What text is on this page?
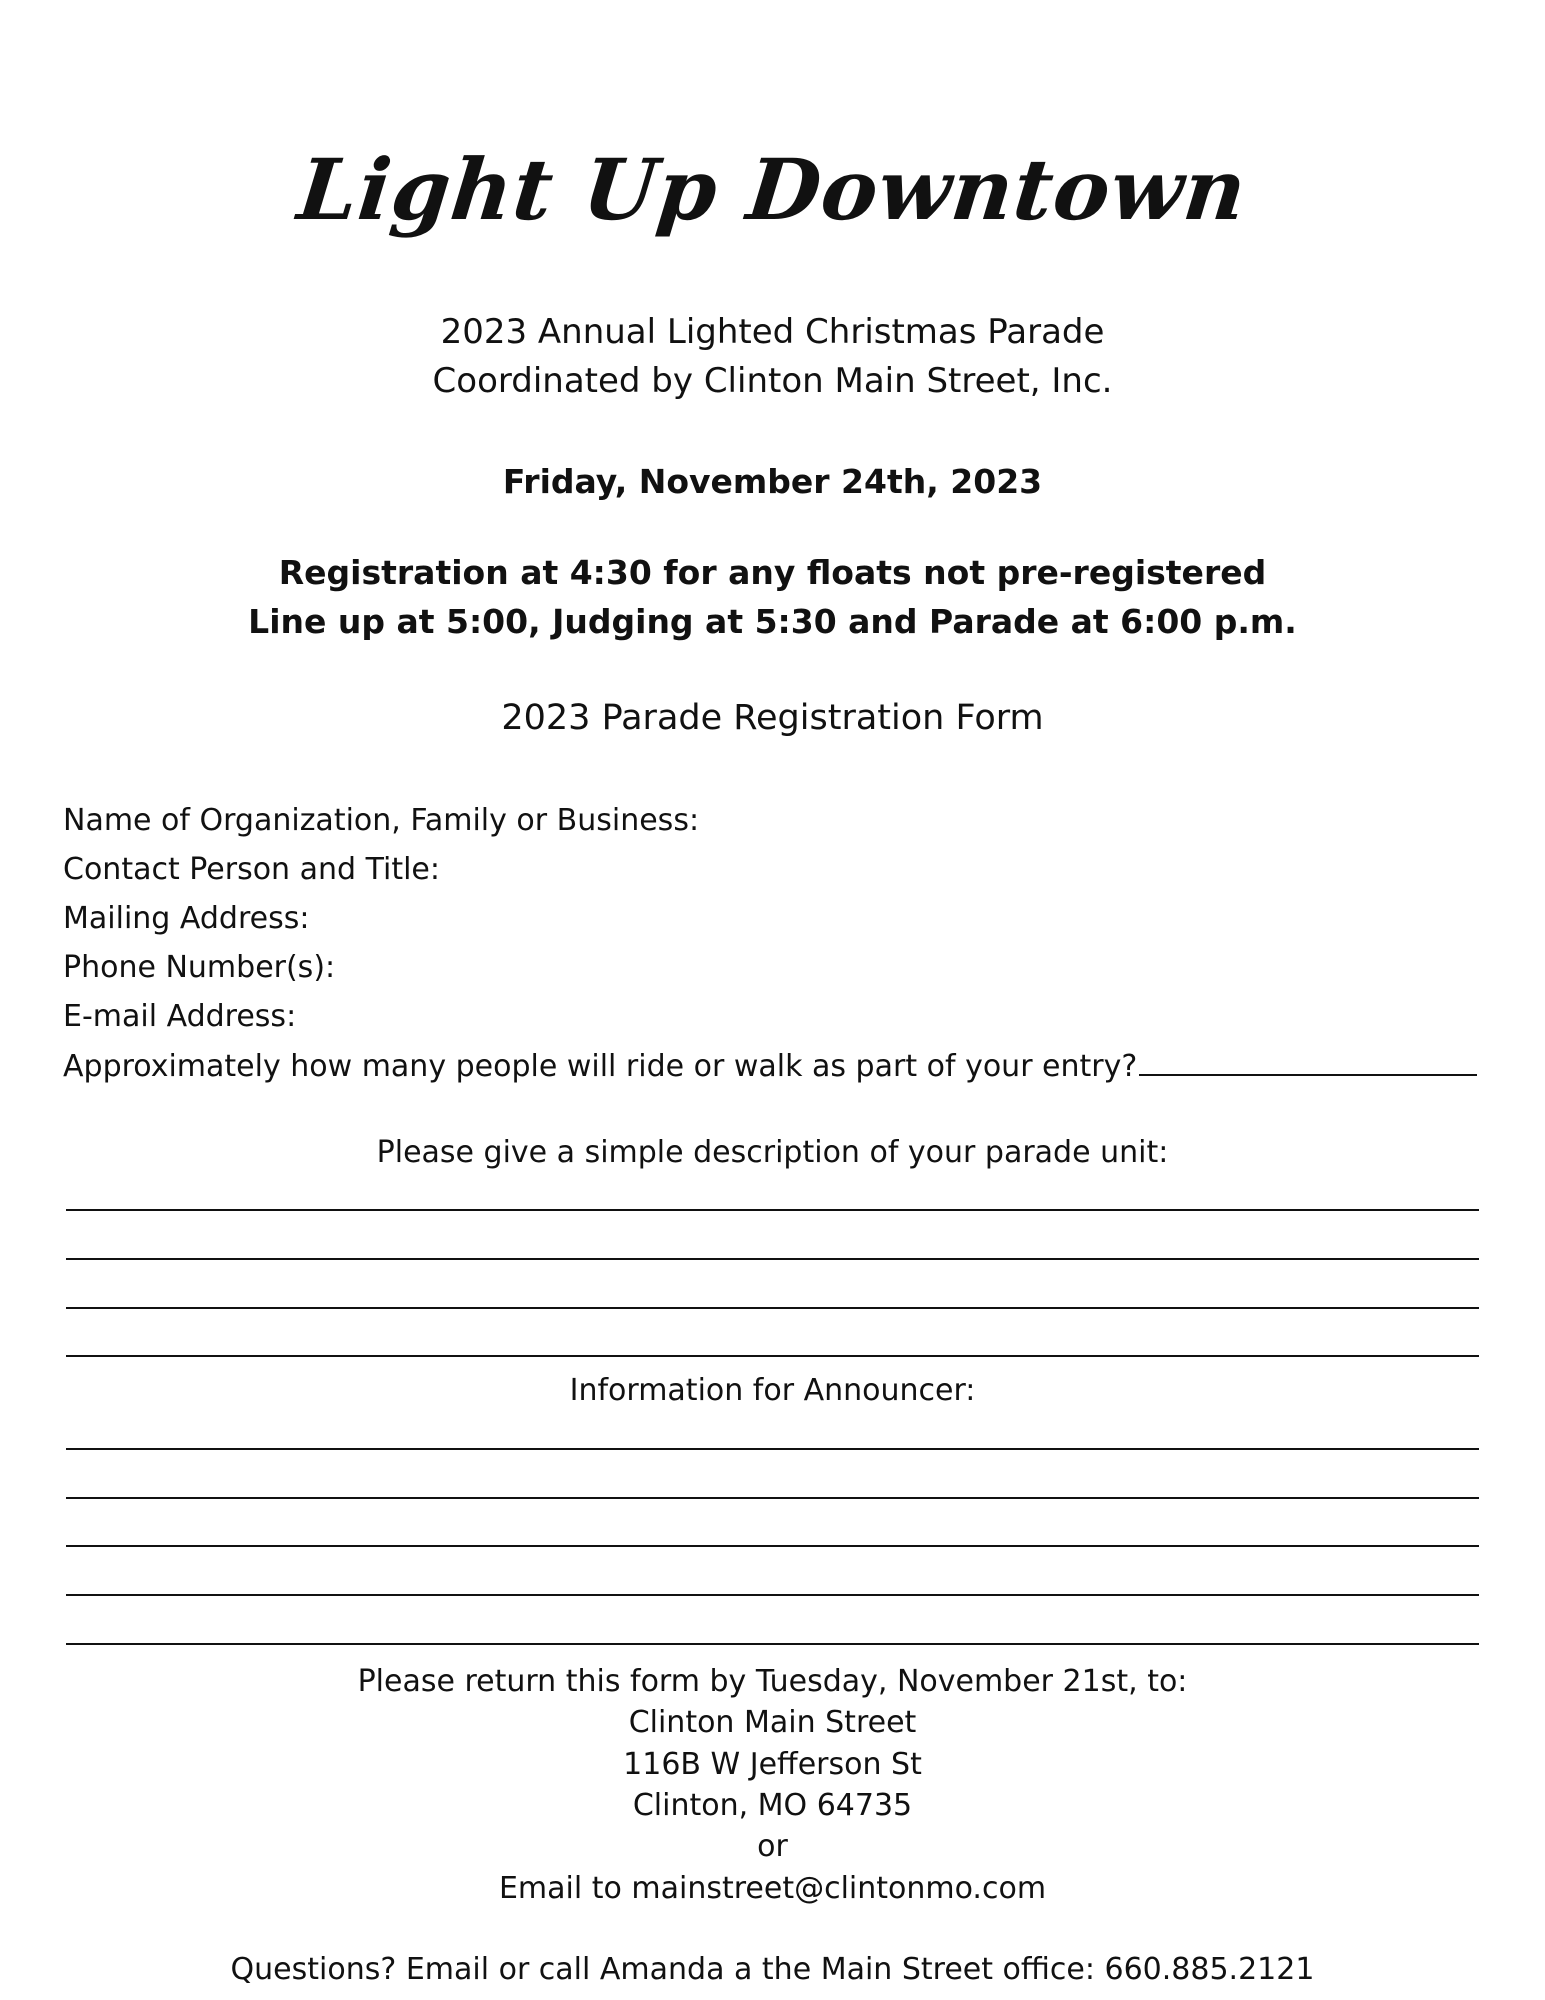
Light Up Downtown
2023 Annual Lighted Christmas Parade
Coordinated by Clinton Main Street, Inc.
Friday, November 24th, 2023
Registration at 4:30 for any floats not pre-registered
Line up at 5:00, Judging at 5:30 and Parade at 6:00 p.m.
2023 Parade Registration Form
Name of Organization, Family or Business:
Contact Person and Title:
Mailing Address:
Phone Number(s):
E-mail Address:
Approximately how many people will ride or walk as part of your entry?
Please give a simple description of your parade unit:
Information for Announcer:
Please return this form by Tuesday, November 21st, to:
Clinton Main Street
116B W Jefferson St
Clinton, MO 64735
or
Email to mainstreet@clintonmo.com
Questions? Email or call Amanda a the Main Street office: 660.885.2121
